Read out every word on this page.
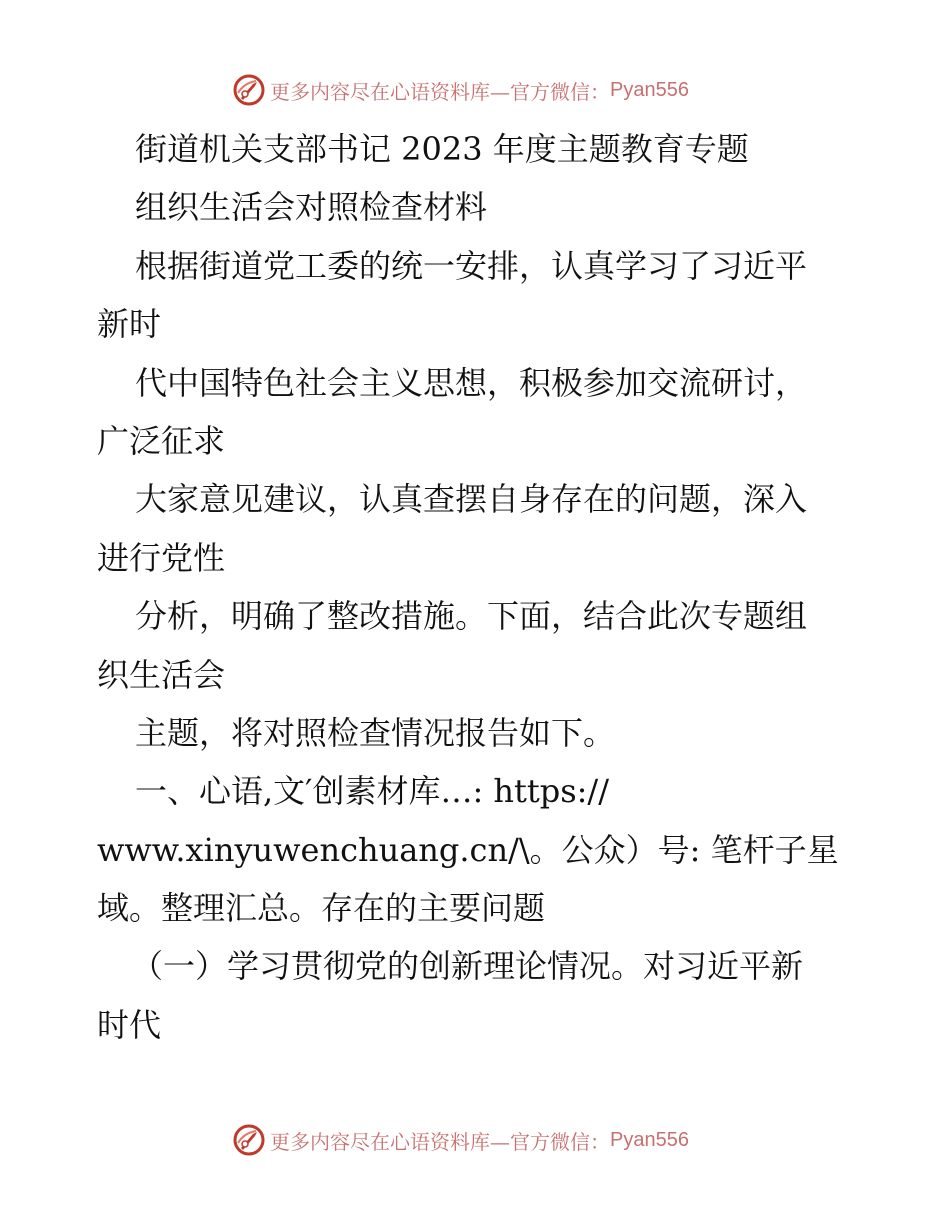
更多内容尽在心语资料库—官方微信： Pyan556
街道机关支部书记 2023 年度主题教育专题
组织生活会对照检查材料
根据街道党工委的统一安排，认真学习了习近平
新时
代中国特色社会主义思想，积极参加交流研讨，
广泛征求
大家意见建议，认真查摆自身存在的问题，深入
进行党性
分析，明确了整改措施。下面，结合此次专题组
织生活会
主题，将对照检查情况报告如下。
一、心语,文′创素材库…: https://
www.xinyuwenchuang.cn/\。公众）号: 笔杆子星
域。整理汇总。存在的主要问题
（一）学习贯彻党的创新理论情况。对习近平新
时代
更多内容尽在心语资料库—官方微信： Pyan556
